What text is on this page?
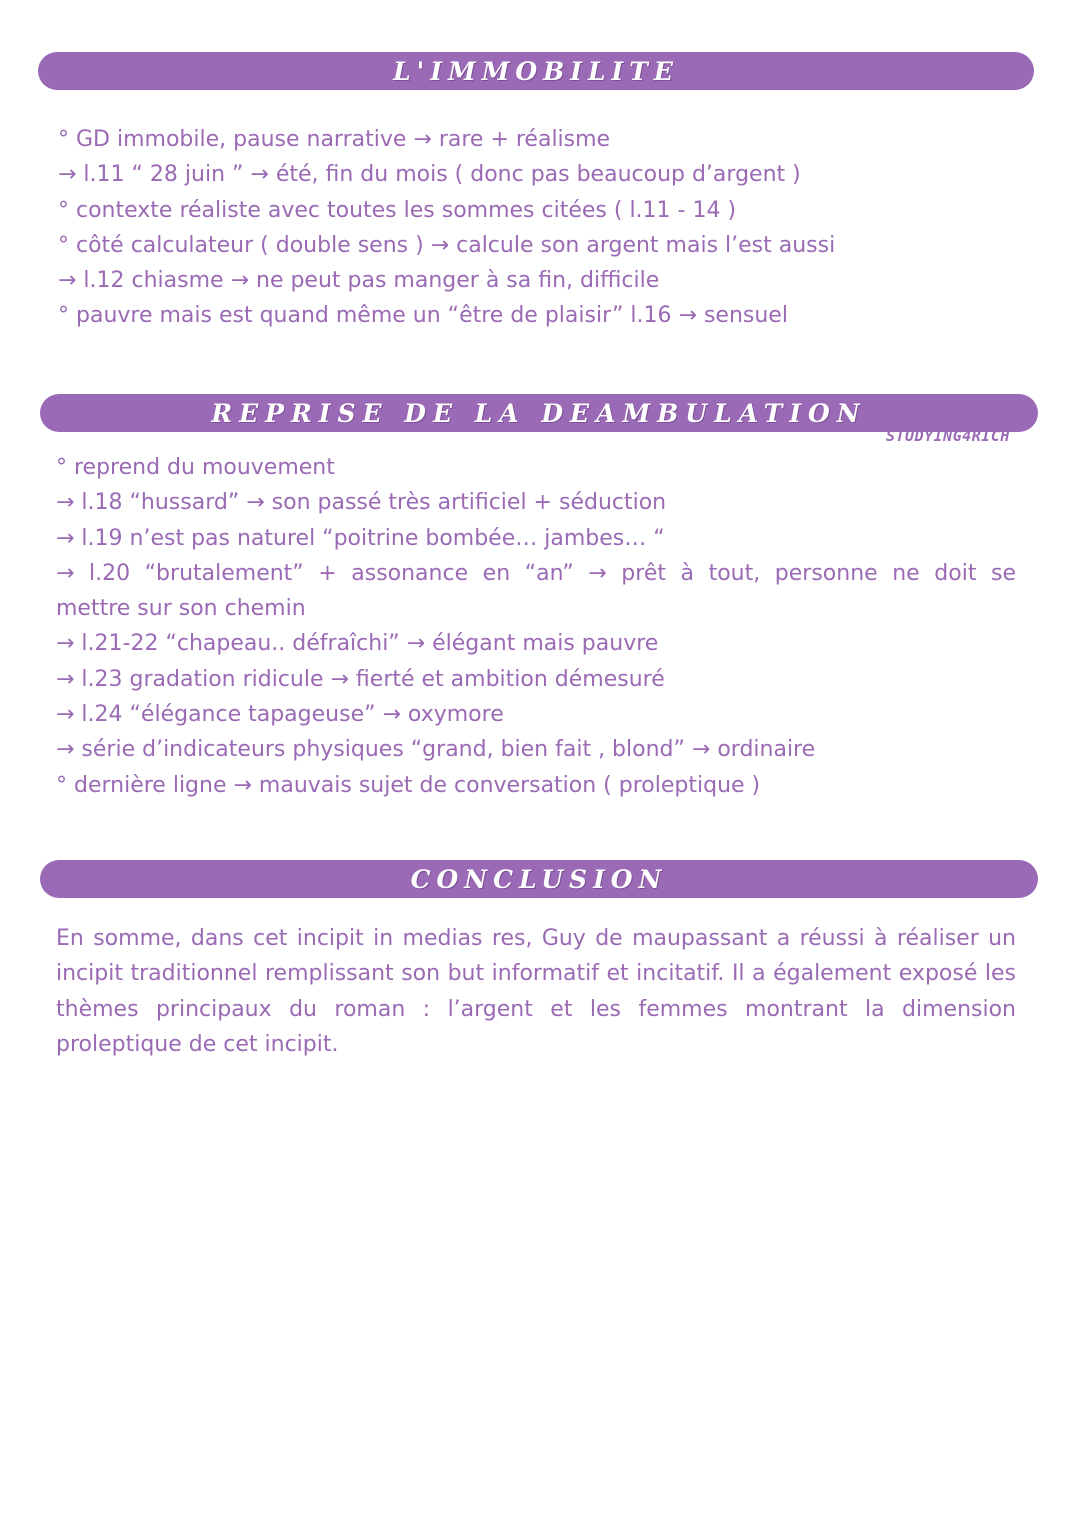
L'IMMOBILITE
° GD immobile, pause narrative → rare + réalisme
→ l.11 “ 28 juin ” → été, fin du mois ( donc pas beaucoup d’argent )
° contexte réaliste avec toutes les sommes citées ( l.11 - 14 )
° côté calculateur ( double sens ) → calcule son argent mais l’est aussi
→ l.12 chiasme → ne peut pas manger à sa fin, difficile
° pauvre mais est quand même un “être de plaisir” l.16 → sensuel
REPRISE DE LA DEAMBULATION
STUDYING4RICH
° reprend du mouvement
→ l.18 “hussard” → son passé très artificiel + séduction
→ l.19 n’est pas naturel “poitrine bombée… jambes… “
→ l.20 “brutalement” + assonance en “an” → prêt à tout, personne ne doit se
mettre sur son chemin
→ l.21-22 “chapeau.. défraîchi” → élégant mais pauvre
→ l.23 gradation ridicule → fierté et ambition démesuré
→ l.24 “élégance tapageuse” → oxymore
→ série d’indicateurs physiques “grand, bien fait , blond” → ordinaire
° dernière ligne → mauvais sujet de conversation ( proleptique )
CONCLUSION
En somme, dans cet incipit in medias res, Guy de maupassant a réussi à réaliser un incipit traditionnel remplissant son but informatif et incitatif. Il a également exposé les thèmes principaux du roman : l’argent et les femmes montrant la dimension proleptique de cet incipit.
